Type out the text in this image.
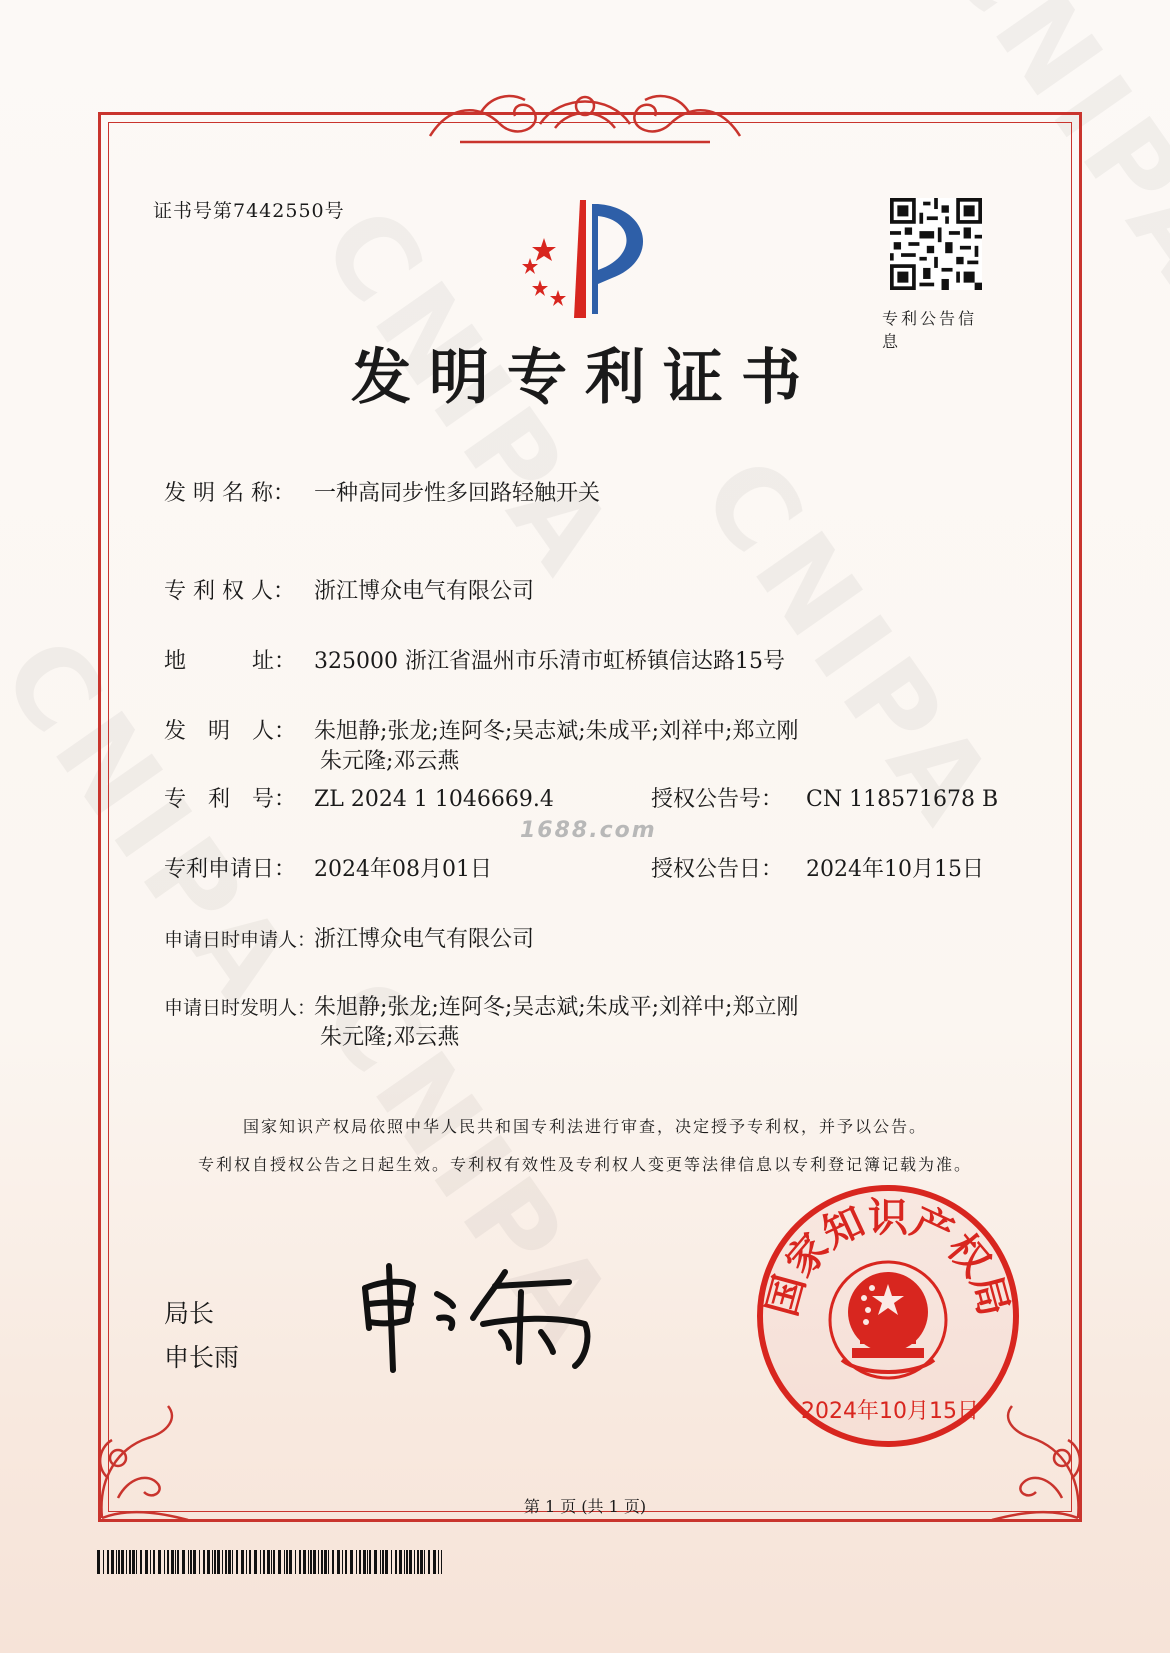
证书号第7442550号
专利公告信息
发明专利证书
发 明 名 称： 一种高同步性多回路轻触开关
专 利 权 人： 浙江博众电气有限公司
地　　　址： 325000 浙江省温州市乐清市虹桥镇信达路15号
发　明　人： 朱旭静;张龙;连阿冬;吴志斌;朱成平;刘祥中;郑立刚
朱元隆;邓云燕
专　利　号： ZL 2024 1 1046669.4	授权公告号： CN 118571678 B
1688.com
专利申请日： 2024年08月01日	授权公告日： 2024年10月15日
申请日时申请人：浙江博众电气有限公司
申请日时发明人：朱旭静;张龙;连阿冬;吴志斌;朱成平;刘祥中;郑立刚
朱元隆;邓云燕
国家知识产权局依照中华人民共和国专利法进行审查，决定授予专利权，并予以公告。
专利权自授权公告之日起生效。专利权有效性及专利权人变更等法律信息以专利登记簿记载为准。
局长
申长雨
国家知识产权局
2024年10月15日
第 1 页 (共 1 页)
